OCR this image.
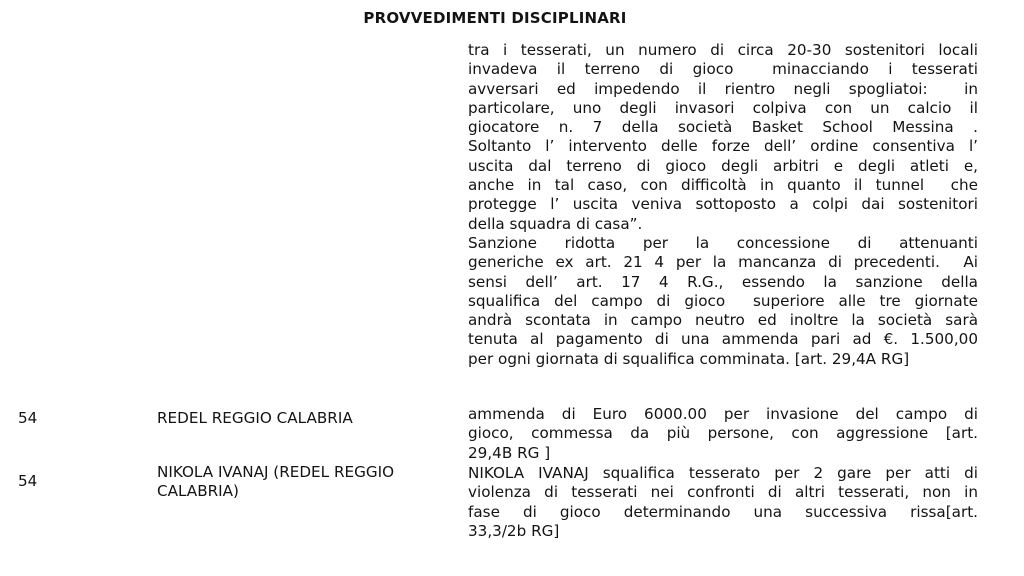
PROVVEDIMENTI DISCIPLINARI
tra i tesserati, un numero di circa 20-30 sostenitori locali
invadeva il terreno di gioco  minacciando i tesserati
avversari ed impedendo il rientro negli spogliatoi:  in
particolare, uno degli invasori colpiva con un calcio il
giocatore n. 7 della società Basket School Messina .
Soltanto l’ intervento delle forze dell’ ordine consentiva l’
uscita dal terreno di gioco degli arbitri e degli atleti e,
anche in tal caso, con difficoltà in quanto il tunnel  che
protegge l’ uscita veniva sottoposto a colpi dai sostenitori
della squadra di casa”.
Sanzione ridotta per la concessione di attenuanti
generiche ex art. 21 4 per la mancanza di precedenti.  Ai
sensi dell’ art. 17 4 R.G., essendo la sanzione della
squalifica del campo di gioco  superiore alle tre giornate
andrà scontata in campo neutro ed inoltre la società sarà
tenuta al pagamento di una ammenda pari ad €. 1.500,00
per ogni giornata di squalifica comminata. [art. 29,4A RG]
54	REDEL REGGIO CALABRIA	ammenda di Euro 6000.00 per invasione del campo di
gioco, commessa da più persone, con aggressione [art.
29,4B RG ]
54	NIKOLA IVANAJ (REDEL REGGIO
CALABRIA)
NIKOLA IVANAJ squalifica tesserato per 2 gare per atti di
violenza di tesserati nei confronti di altri tesserati, non in
fase di gioco determinando una successiva rissa[art.
33,3/2b RG]
